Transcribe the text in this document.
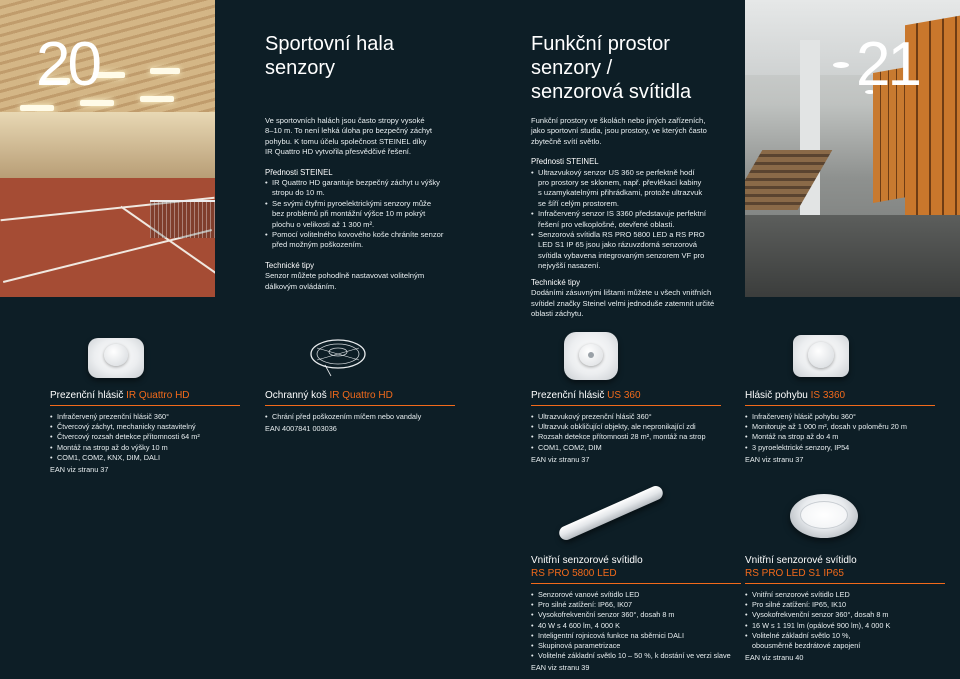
20	21
Sportovní hala
senzory
Ve sportovních halách jsou často stropy vysoké
8–10 m. To není lehká úloha pro bezpečný záchyt
pohybu. K tomu účelu společnost STEINEL díky
IR Quattro HD vytvořila přesvědčivé řešení.
Přednosti STEINEL
• IR Quattro HD garantuje bezpečný záchyt u výšky
stropu do 10 m.
• Se svými čtyřmi pyroelektrickými senzory může
bez problémů při montážní výšce 10 m pokrýt
plochu o velikosti až 1 300 m².
• Pomocí volitelného kovového koše chráníte senzor
před možným poškozením.
Technické tipy
Senzor můžete pohodlně nastavovat volitelným
dálkovým ovládáním.
Funkční prostor
senzory /
senzorová svítidla
Funkční prostory ve školách nebo jiných zařízeních,
jako sportovní studia, jsou prostory, ve kterých často
zbytečně svítí světlo.
Přednosti STEINEL
• Ultrazvukový senzor US 360 se perfektně hodí
pro prostory se sklonem, např. převlékací kabiny
s uzamykatelnými přihrádkami, protože ultrazvuk
se šíří celým prostorem.
• Infračervený senzor IS 3360 představuje perfektní
řešení pro velkoplošné, otevřené oblasti.
• Senzorová svítidla RS PRO 5800 LED a RS PRO
LED S1 IP 65 jsou jako rázuvzdorná senzorová
svítidla vybavena integrovaným senzorem VF pro
nejvyšší nasazení.
Technické tipy
Dodáními zásuvnými lištami můžete u všech vnitřních
svítidel značky Steinel velmi jednoduše zatemnit určité
oblasti záchytu.
Prezenční hlásič IR Quattro HD
• Infračervený prezenční hlásič 360°
• Čtvercový záchyt, mechanicky nastavitelný
• Čtvercový rozsah detekce přítomnosti 64 m²
• Montáž na strop až do výšky 10 m
• COM1, COM2, KNX, DIM, DALI
EAN viz stranu 37
Ochranný koš IR Quattro HD
• Chrání před poškozením míčem nebo vandaly
EAN 4007841 003036
Prezenční hlásič US 360
• Ultrazvukový prezenční hlásič 360°
• Ultrazvuk obkličující objekty, ale nepronikající zdi
• Rozsah detekce přítomnosti 28 m², montáž na strop
• COM1, COM2, DIM
EAN viz stranu 37
Hlásič pohybu IS 3360
• Infračervený hlásič pohybu 360°
• Monitoruje až 1 000 m², dosah v poloměru 20 m
• Montáž na strop až do 4 m
• 3 pyroelektrické senzory, IP54
EAN viz stranu 37
Vnitřní senzorové svítidlo
RS PRO 5800 LED
• Senzorové vanové svítidlo LED
• Pro silné zatížení: IP66, IK07
• Vysokofrekvenční senzor 360°, dosah 8 m
• 40 W s 4 600 lm, 4 000 K
• Inteligentní rojnicová funkce na sběrnici DALI
• Skupinová parametrizace
• Volitelné základní světlo 10 – 50 %, k dostání ve verzi slave
EAN viz stranu 39
Vnitřní senzorové svítidlo
RS PRO LED S1 IP65
• Vnitřní senzorové svítidlo LED
• Pro silné zatížení: IP65, IK10
• Vysokofrekvenční senzor 360°, dosah 8 m
• 16 W s 1 191 lm (opálové 900 lm), 4 000 K
• Volitelné základní světlo 10 %,
obousměrně bezdrátové zapojení
EAN viz stranu 40
